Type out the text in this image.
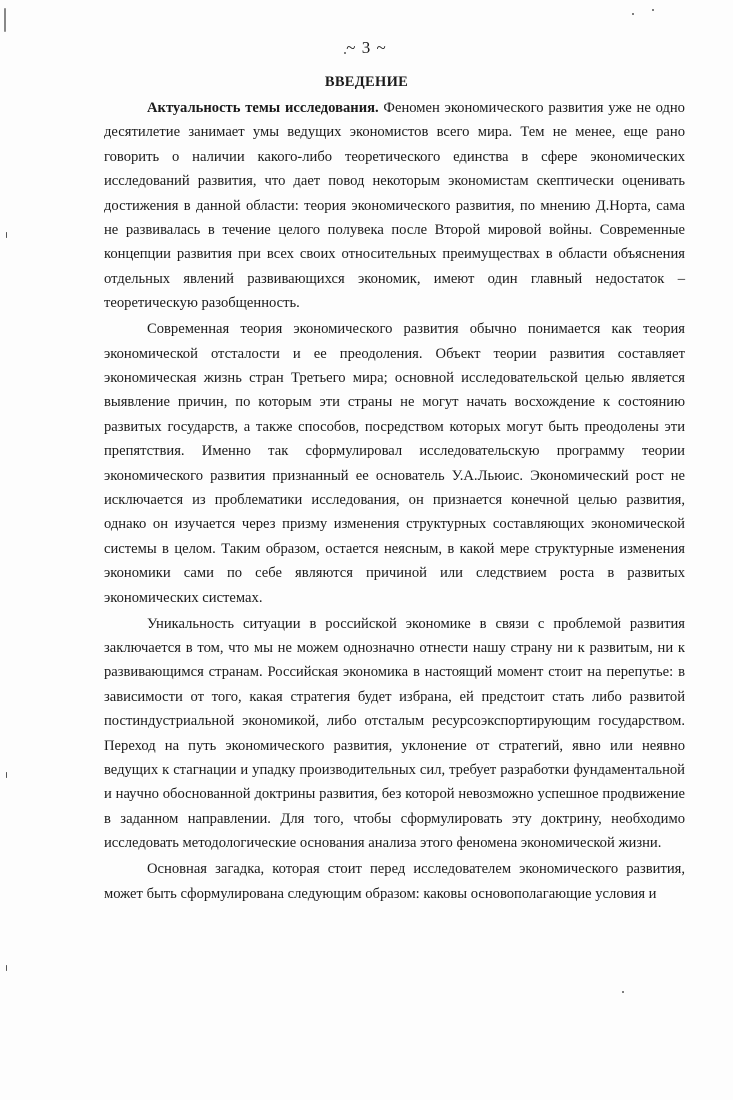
~ 3 ~
ВВЕДЕНИЕ

Актуальность темы исследования. Феномен экономического развития уже не одно десятилетие занимает умы ведущих экономистов всего мира. Тем не менее, еще рано говорить о наличии какого-либо теоретического единства в сфере экономических исследований развития, что дает повод некоторым экономистам скептически оценивать достижения в данной области: теория экономического развития, по мнению Д.Норта, сама не развивалась в течение целого полувека после Второй мировой войны. Современные концепции развития при всех своих относительных преимуществах в области объяснения отдельных явлений развивающихся экономик, имеют один главный недостаток – теоретическую разобщенность.

Современная теория экономического развития обычно понимается как теория экономической отсталости и ее преодоления. Объект теории развития составляет экономическая жизнь стран Третьего мира; основной исследовательской целью является выявление причин, по которым эти страны не могут начать восхождение к состоянию развитых государств, а также способов, посредством которых могут быть преодолены эти препятствия. Именно так сформулировал исследовательскую программу теории экономического развития признанный ее основатель У.А.Льюис. Экономический рост не исключается из проблематики исследования, он признается конечной целью развития, однако он изучается через призму изменения структурных составляющих экономической системы в целом. Таким образом, остается неясным, в какой мере структурные изменения экономики сами по себе являются причиной или следствием роста в развитых экономических системах.

Уникальность ситуации в российской экономике в связи с проблемой развития заключается в том, что мы не можем однозначно отнести нашу страну ни к развитым, ни к развивающимся странам. Российская экономика в настоящий момент стоит на перепутье: в зависимости от того, какая стратегия будет избрана, ей предстоит стать либо развитой постиндустриальной экономикой, либо отсталым ресурсоэкспортирующим государством. Переход на путь экономического развития, уклонение от стратегий, явно или неявно ведущих к стагнации и упадку производительных сил, требует разработки фундаментальной и научно обоснованной доктрины развития, без которой невозможно успешное продвижение в заданном направлении. Для того, чтобы сформулировать эту доктрину, необходимо исследовать методологические основания анализа этого феномена экономической жизни.

Основная загадка, которая стоит перед исследователем экономического развития, может быть сформулирована следующим образом: каковы основополагающие условия и
